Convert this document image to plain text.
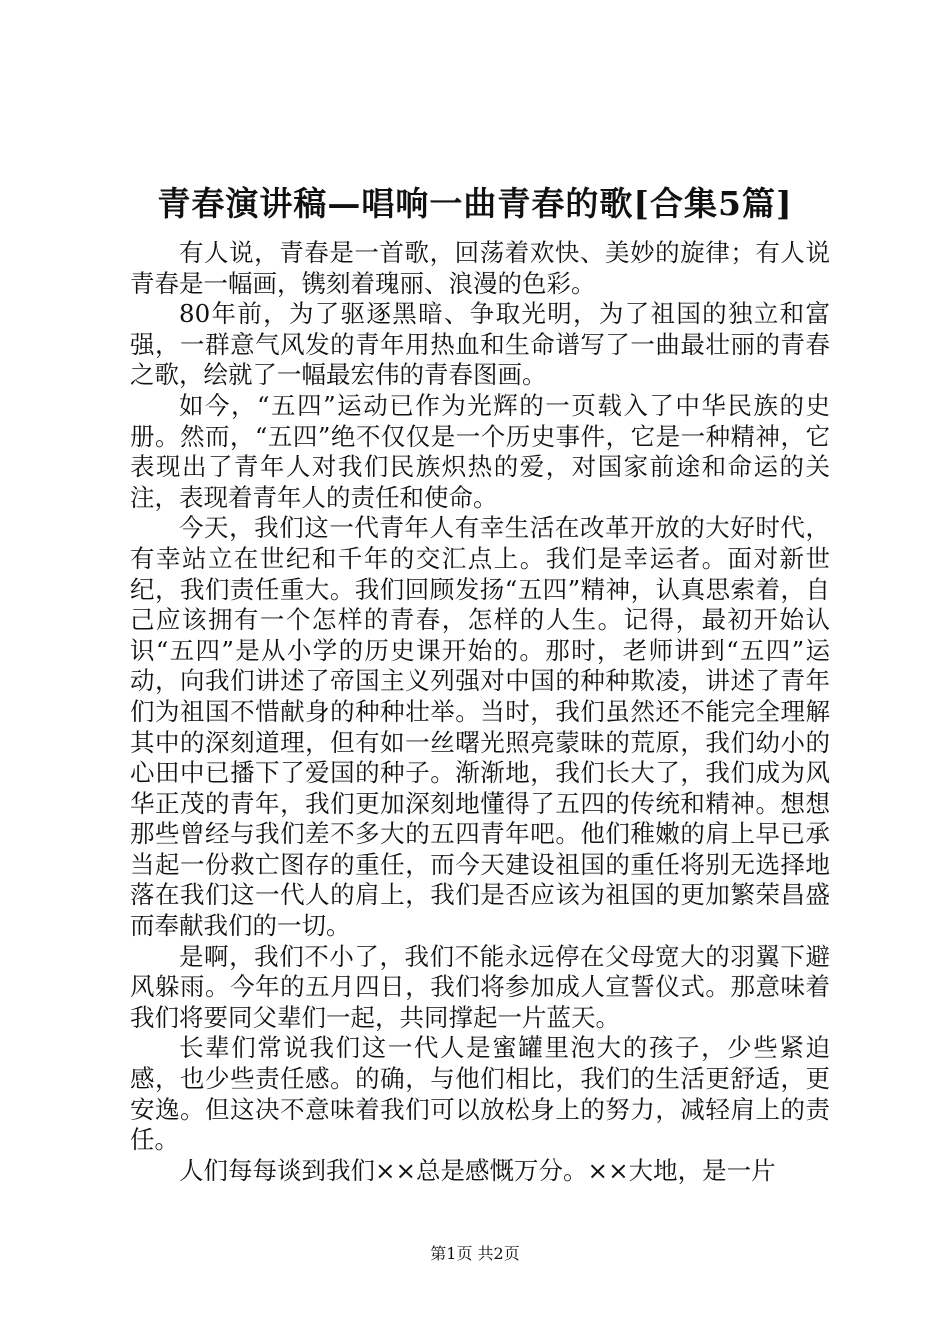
青春演讲稿—唱响一曲青春的歌[合集5篇]

有人说，青春是一首歌，回荡着欢快、美妙的旋律；有人说青春是一幅画，镌刻着瑰丽、浪漫的色彩。

80年前，为了驱逐黑暗、争取光明，为了祖国的独立和富强，一群意气风发的青年用热血和生命谱写了一曲最壮丽的青春之歌，绘就了一幅最宏伟的青春图画。

如今，“五四”运动已作为光辉的一页载入了中华民族的史册。然而，“五四”绝不仅仅是一个历史事件，它是一种精神，它表现出了青年人对我们民族炽热的爱，对国家前途和命运的关注，表现着青年人的责任和使命。

今天，我们这一代青年人有幸生活在改革开放的大好时代，有幸站立在世纪和千年的交汇点上。我们是幸运者。面对新世纪，我们责任重大。我们回顾发扬“五四”精神，认真思索着，自己应该拥有一个怎样的青春，怎样的人生。记得，最初开始认识“五四”是从小学的历史课开始的。那时，老师讲到“五四”运动，向我们讲述了帝国主义列强对中国的种种欺凌，讲述了青年们为祖国不惜献身的种种壮举。当时，我们虽然还不能完全理解其中的深刻道理，但有如一丝曙光照亮蒙昧的荒原，我们幼小的心田中已播下了爱国的种子。渐渐地，我们长大了，我们成为风华正茂的青年，我们更加深刻地懂得了五四的传统和精神。想想那些曾经与我们差不多大的五四青年吧。他们稚嫩的肩上早已承当起一份救亡图存的重任，而今天建设祖国的重任将别无选择地落在我们这一代人的肩上，我们是否应该为祖国的更加繁荣昌盛而奉献我们的一切。

是啊，我们不小了，我们不能永远停在父母宽大的羽翼下避风躲雨。今年的五月四日，我们将参加成人宣誓仪式。那意味着我们将要同父辈们一起，共同撑起一片蓝天。

长辈们常说我们这一代人是蜜罐里泡大的孩子，少些紧迫感，也少些责任感。的确，与他们相比，我们的生活更舒适，更安逸。但这决不意味着我们可以放松身上的努力，减轻肩上的责任。

人们每每谈到我们××总是感慨万分。××大地，是一片

第1页 共2页
